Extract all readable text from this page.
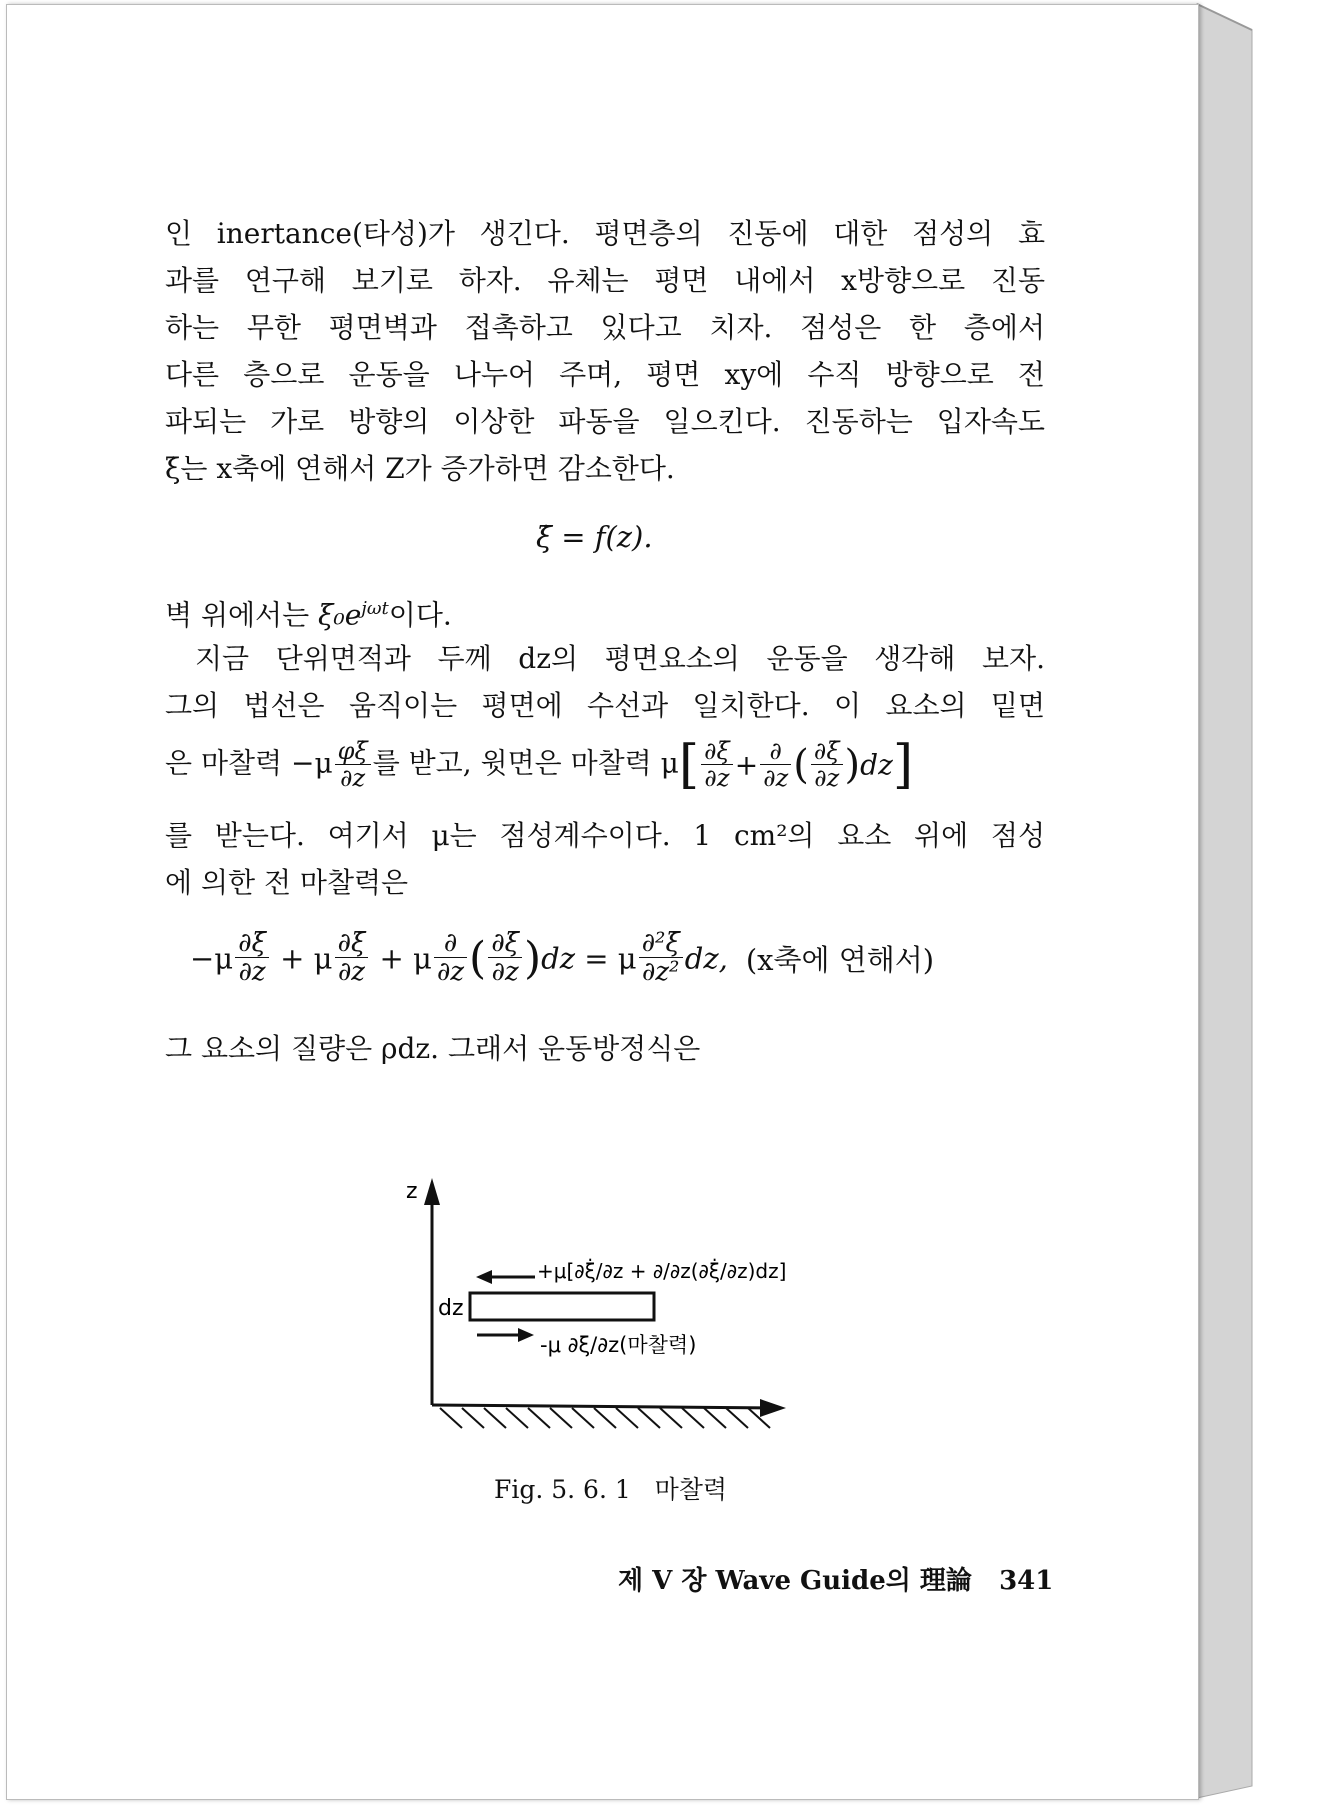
인 inertance(타성)가 생긴다. 평면층의 진동에 대한 점성의 효
과를 연구해 보기로 하자. 유체는 평면 내에서 x방향으로 진동
하는 무한 평면벽과 접촉하고 있다고 치자. 점성은 한 층에서
다른 층으로 운동을 나누어 주며, 평면 xy에 수직 방향으로 전
파되는 가로 방향의 이상한 파동을 일으킨다. 진동하는 입자속도
ξ̇는 x축에 연해서 Z가 증가하면 감소한다.
ξ̇ = f(z).
벽 위에서는 $\xi_0e^{j\omega t}$이다.
지금 단위면적과 두께 dz의 평면요소의 운동을 생각해 보자.
그의 법선은 움직이는 평면에 수선과 일치한다. 이 요소의 밑면
은 마찰력 $-\mu \frac{\varphi\xi̇}{\partial z}$ 를 받고, 윗면은 마찰력 $\mu[ \frac{\partial\xi̇}{\partial z} + \frac{\partial}{\partial z}$ ( $\frac{\partial\xi̇}{\partial z} )dz$]
를 받는다. 여기서 μ는 점성계수이다. 1 cm²의 요소 위에 점성
에 의한 전 마찰력은
$-\mu \frac{\partial\xi̇}{\partial z} + \mu \frac{\partial\xi̇}{\partial z} + \mu \frac{\partial}{\partial z}$ ( $\frac{\partial\xi̇}{\partial z} )dz = \mu \frac{\text{∂²ξ̇}}{\text{∂z²}}$ dz, (x축에 연해서)
그 요소의 질량은 ρdz. 그래서 운동방정식은
z
dz
+μ[∂ξ̇/∂z + ∂/∂z(∂ξ̇/∂z)dz]
-μ ∂ξ/∂z(마찰력)
Fig. 5. 6. 1 마찰력
제 Ⅴ 장 Wave Guide의 理論 341
